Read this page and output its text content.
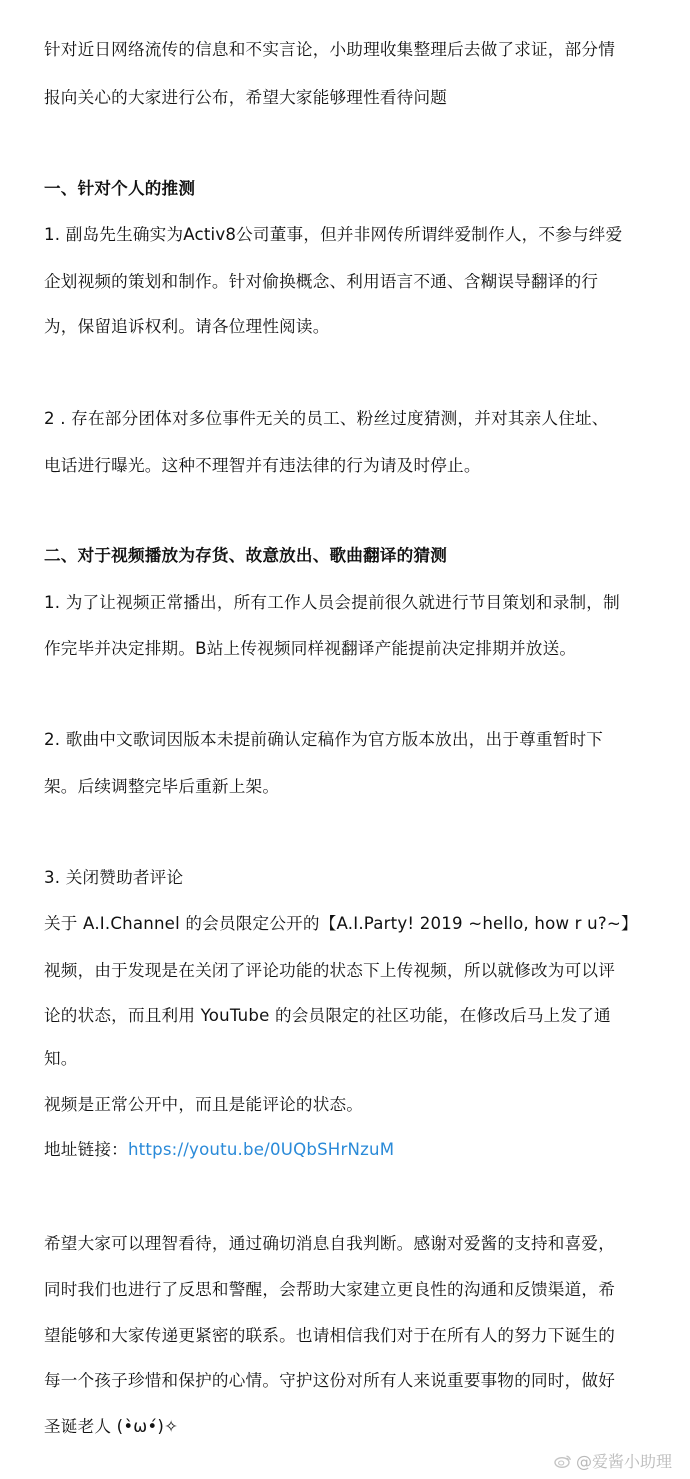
针对近日网络流传的信息和不实言论，小助理收集整理后去做了求证，部分情
报向关心的大家进行公布，希望大家能够理性看待问题
一、针对个人的推测
1. 副岛先生确实为Activ8公司董事，但并非网传所谓绊爱制作人，不参与绊爱
企划视频的策划和制作。针对偷换概念、利用语言不通、含糊误导翻译的行
为，保留追诉权利。请各位理性阅读。
2 . 存在部分团体对多位事件无关的员工、粉丝过度猜测，并对其亲人住址、
电话进行曝光。这种不理智并有违法律的行为请及时停止。
二、对于视频播放为存货、故意放出、歌曲翻译的猜测
1. 为了让视频正常播出，所有工作人员会提前很久就进行节目策划和录制，制
作完毕并决定排期。B站上传视频同样视翻译产能提前决定排期并放送。
2. 歌曲中文歌词因版本未提前确认定稿作为官方版本放出，出于尊重暂时下
架。后续调整完毕后重新上架。
3. 关闭赞助者评论
关于 A.I.Channel 的会员限定公开的【A.I.Party! 2019 ~hello, how r u?~】
视频，由于发现是在关闭了评论功能的状态下上传视频，所以就修改为可以评
论的状态，而且利用 YouTube 的会员限定的社区功能，在修改后马上发了通
知。
视频是正常公开中，而且是能评论的状态。
地址链接：https://youtu.be/0UQbSHrNzuM
希望大家可以理智看待，通过确切消息自我判断。感谢对爱酱的支持和喜爱，
同时我们也进行了反思和警醒，会帮助大家建立更良性的沟通和反馈渠道，希
望能够和大家传递更紧密的联系。也请相信我们对于在所有人的努力下诞生的
每一个孩子珍惜和保护的心情。守护这份对所有人来说重要事物的同时，做好
圣诞老人 (•̀ω•́)✧
@爱酱小助理
